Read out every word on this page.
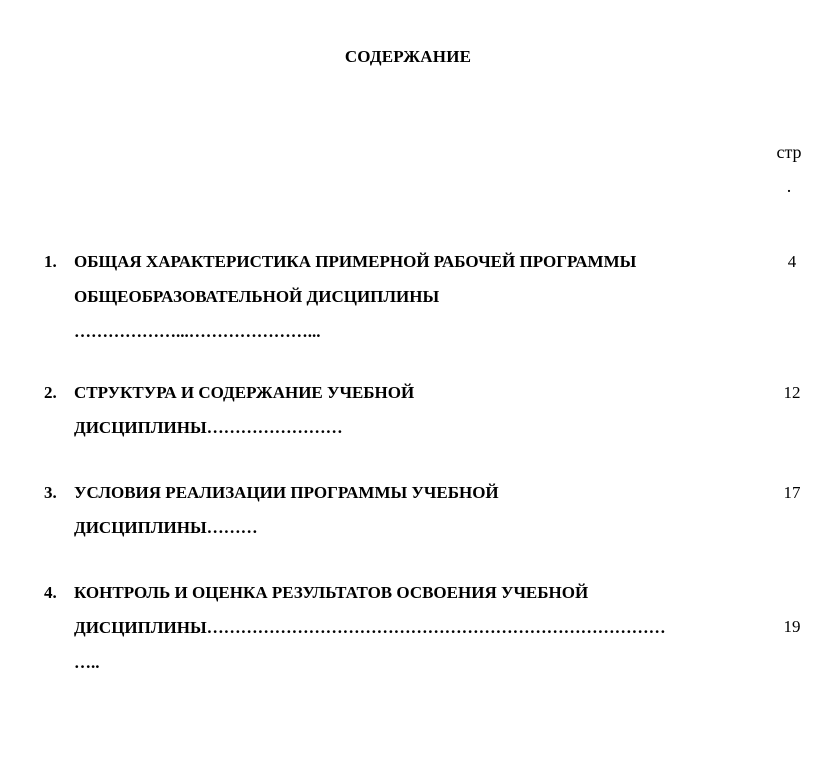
СОДЕРЖАНИЕ
стр
.
1. ОБЩАЯ ХАРАКТЕРИСТИКА ПРИМЕРНОЙ РАБОЧЕЙ ПРОГРАММЫ
ОБЩЕОБРАЗОВАТЕЛЬНОЙ ДИСЦИПЛИНЫ
………………...…………………...
4
2. СТРУКТУРА И СОДЕРЖАНИЕ УЧЕБНОЙ
ДИСЦИПЛИНЫ……………………
12
3. УСЛОВИЯ РЕАЛИЗАЦИИ ПРОГРАММЫ УЧЕБНОЙ
ДИСЦИПЛИНЫ………
17
4. КОНТРОЛЬ И ОЦЕНКА РЕЗУЛЬТАТОВ ОСВОЕНИЯ УЧЕБНОЙ
ДИСЦИПЛИНЫ………………………………………………………………………
…..
19
